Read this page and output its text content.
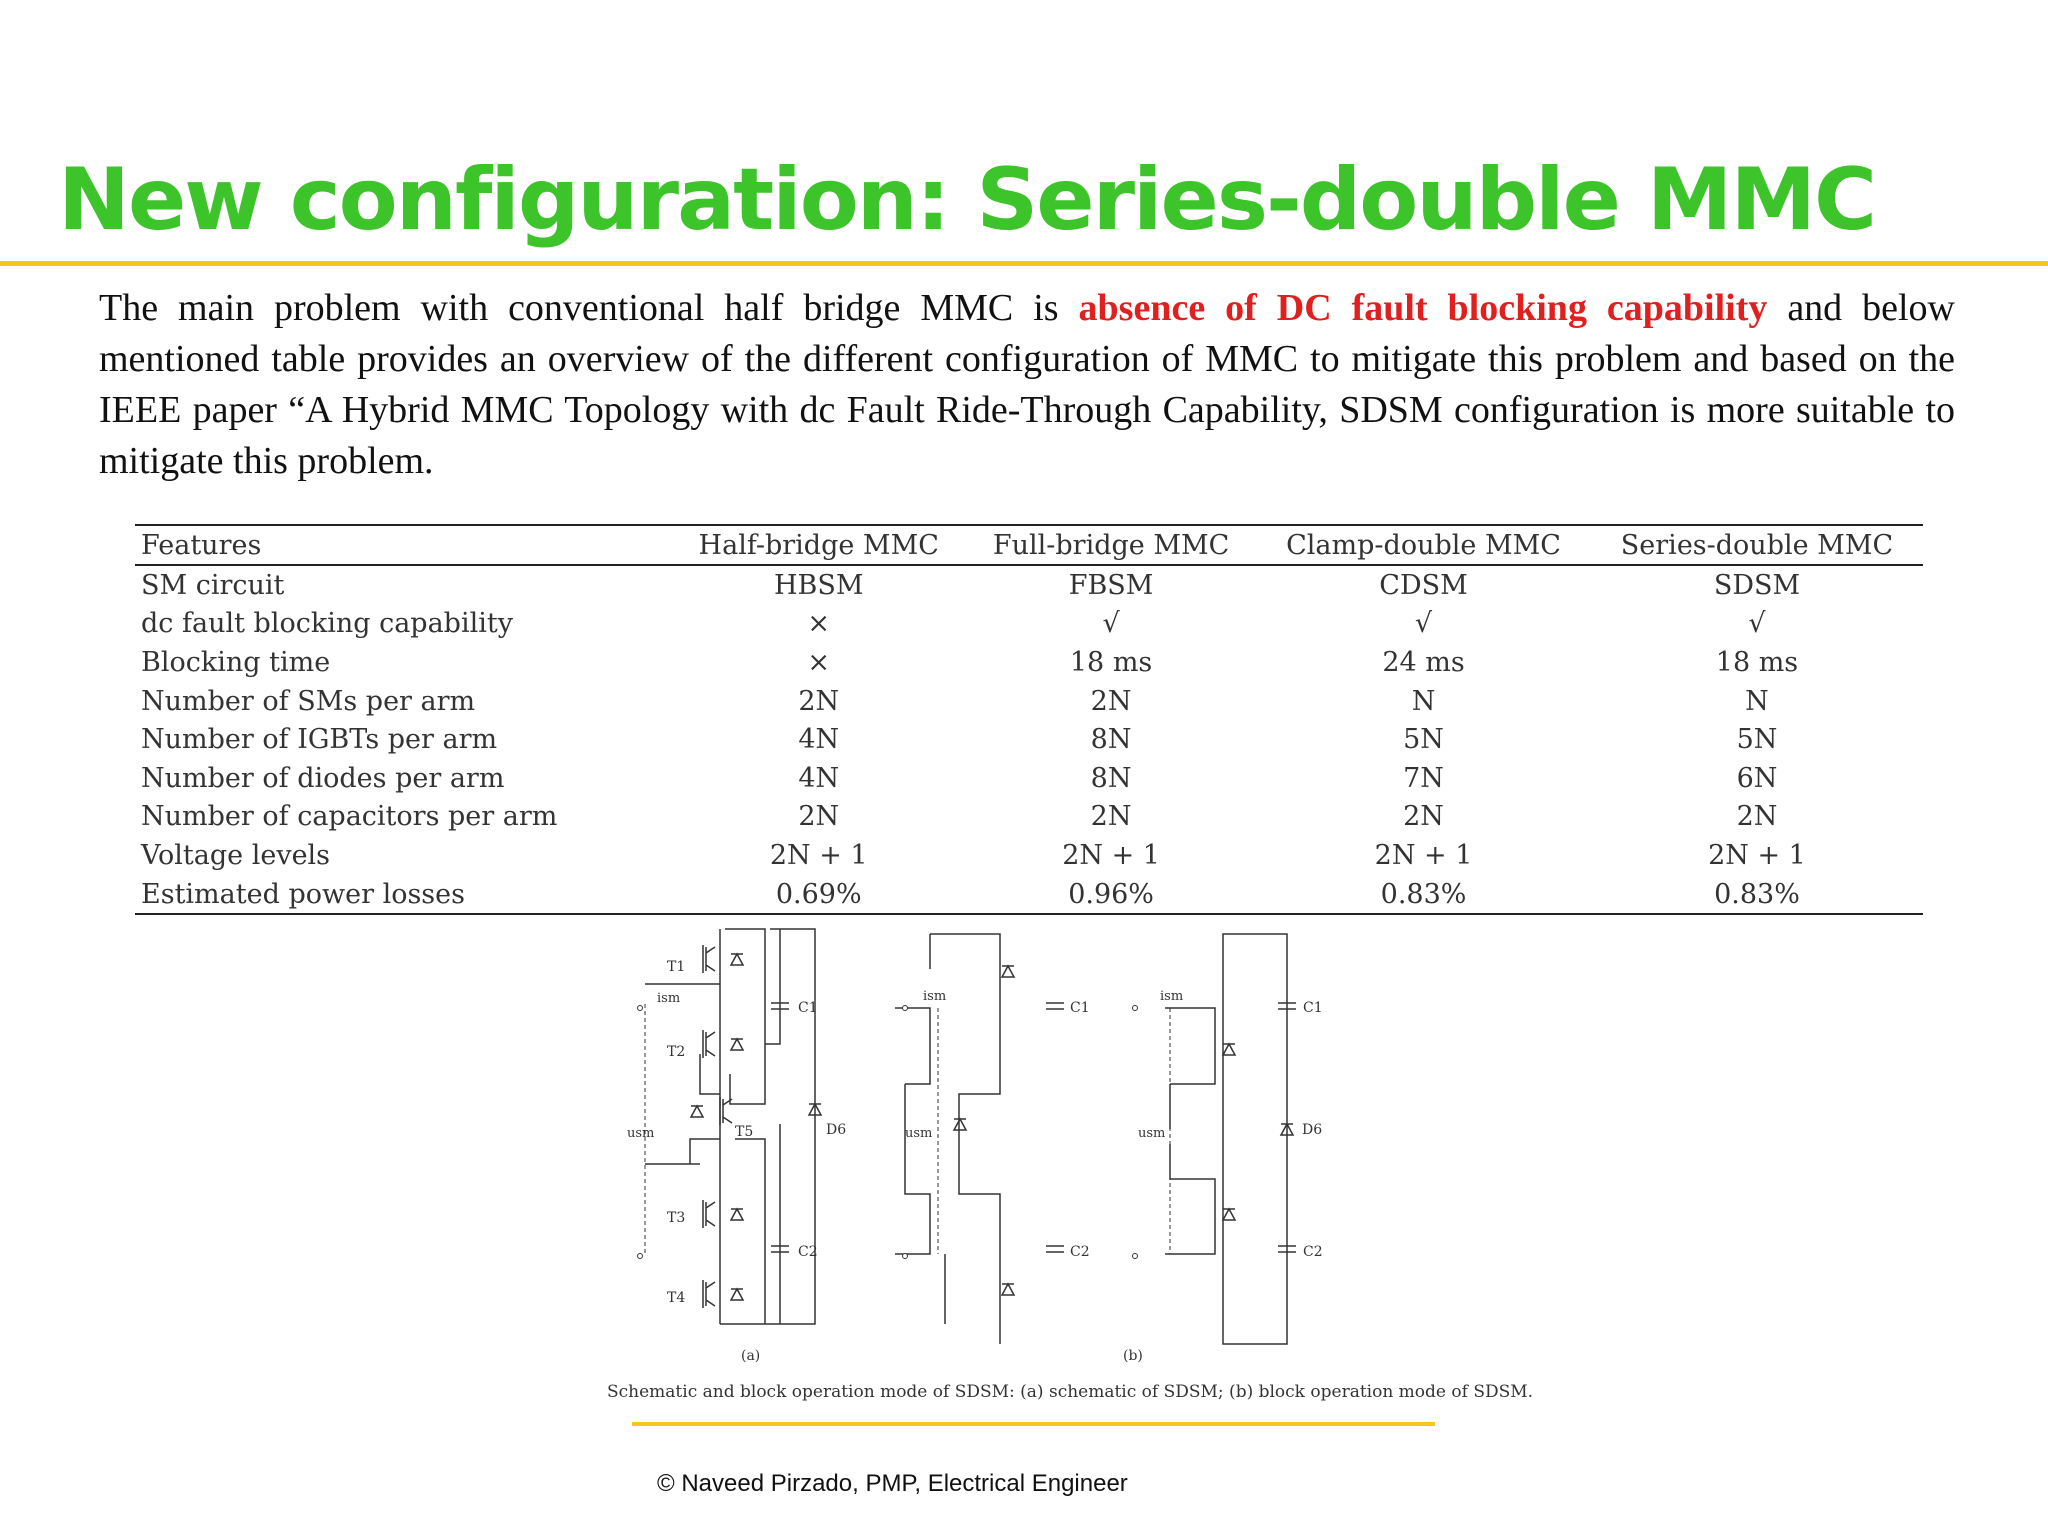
New configuration: Series-double MMC

The main problem with conventional half bridge MMC is absence of DC fault blocking capability and below mentioned table provides an overview of the different configuration of MMC to mitigate this problem and based on the IEEE paper “A Hybrid MMC Topology with dc Fault Ride-Through Capability, SDSM configuration is more suitable to mitigate this problem.

Features	Half-bridge MMC	Full-bridge MMC	Clamp-double MMC	Series-double MMC
SM circuit	HBSM	FBSM	CDSM	SDSM
dc fault blocking capability	×	√	√	√
Blocking time	×	18 ms	24 ms	18 ms
Number of SMs per arm	2N	2N	N	N
Number of IGBTs per arm	4N	8N	5N	5N
Number of diodes per arm	4N	8N	7N	6N
Number of capacitors per arm	2N	2N	2N	2N
Voltage levels	2N + 1	2N + 1	2N + 1	2N + 1
Estimated power losses	0.69%	0.96%	0.83%	0.83%
T1
T2
T5
T3
T4
ism
usm
C1
C2
D6
(a)
ism
usm
C1
C2
ism
usm
C1
C2
D6
(b)

Schematic and block operation mode of SDSM: (a) schematic of SDSM; (b) block operation mode of SDSM.

© Naveed Pirzado, PMP, Electrical Engineer
